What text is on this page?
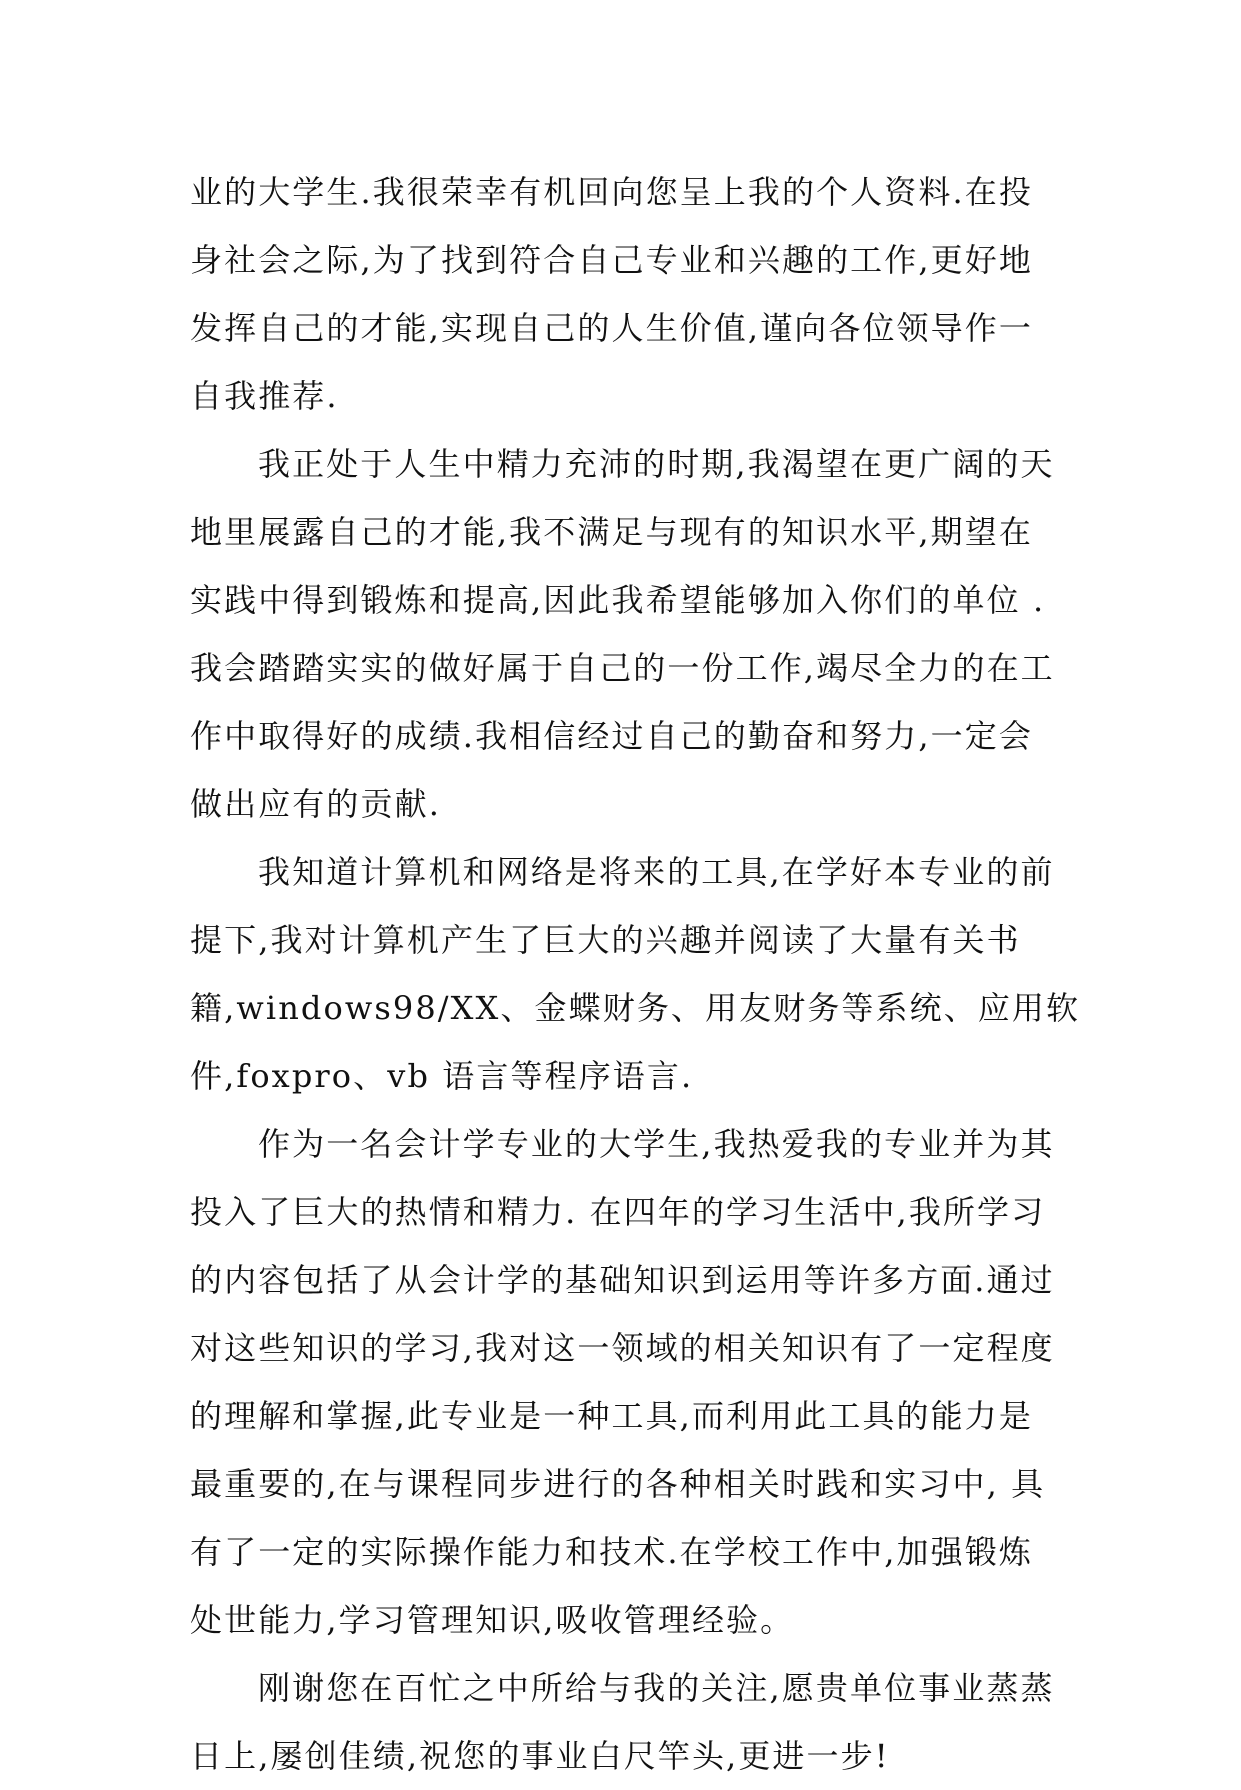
业的大学生.我很荣幸有机回向您呈上我的个人资料.在投
身社会之际,为了找到符合自己专业和兴趣的工作,更好地
发挥自己的才能,实现自己的人生价值,谨向各位领导作一
自我推荐.
我正处于人生中精力充沛的时期,我渴望在更广阔的天
地里展露自己的才能,我不满足与现有的知识水平,期望在
实践中得到锻炼和提高,因此我希望能够加入你们的单位 .
我会踏踏实实的做好属于自己的一份工作,竭尽全力的在工
作中取得好的成绩.我相信经过自己的勤奋和努力,一定会
做出应有的贡献.
我知道计算机和网络是将来的工具,在学好本专业的前
提下,我对计算机产生了巨大的兴趣并阅读了大量有关书
籍,windows98/XX、金蝶财务、用友财务等系统、应用软
件,foxpro、vb 语言等程序语言.
作为一名会计学专业的大学生,我热爱我的专业并为其
投入了巨大的热情和精力. 在四年的学习生活中,我所学习
的内容包括了从会计学的基础知识到运用等许多方面.通过
对这些知识的学习,我对这一领域的相关知识有了一定程度
的理解和掌握,此专业是一种工具,而利用此工具的能力是
最重要的,在与课程同步进行的各种相关时践和实习中, 具
有了一定的实际操作能力和技术.在学校工作中,加强锻炼
处世能力,学习管理知识,吸收管理经验。
刚谢您在百忙之中所给与我的关注,愿贵单位事业蒸蒸
日上,屡创佳绩,祝您的事业白尺竿头,更进一步!
